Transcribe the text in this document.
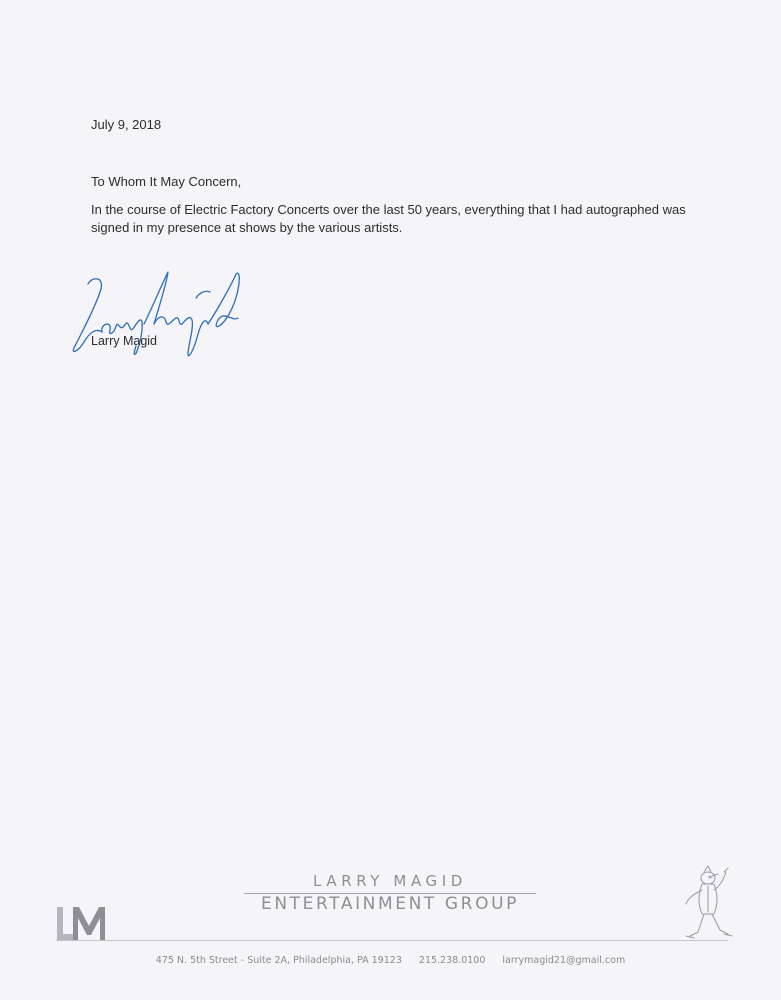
July 9, 2018
To Whom It May Concern,
In the course of Electric Factory Concerts over the last 50 years, everything that I had autographed was signed in my presence at shows by the various artists.
Larry Magid
LARRY MAGID
ENTERTAINMENT GROUP
475 N. 5th Street - Suite 2A, Philadelphia, PA 19123 215.238.0100 larrymagid21@gmail.com
